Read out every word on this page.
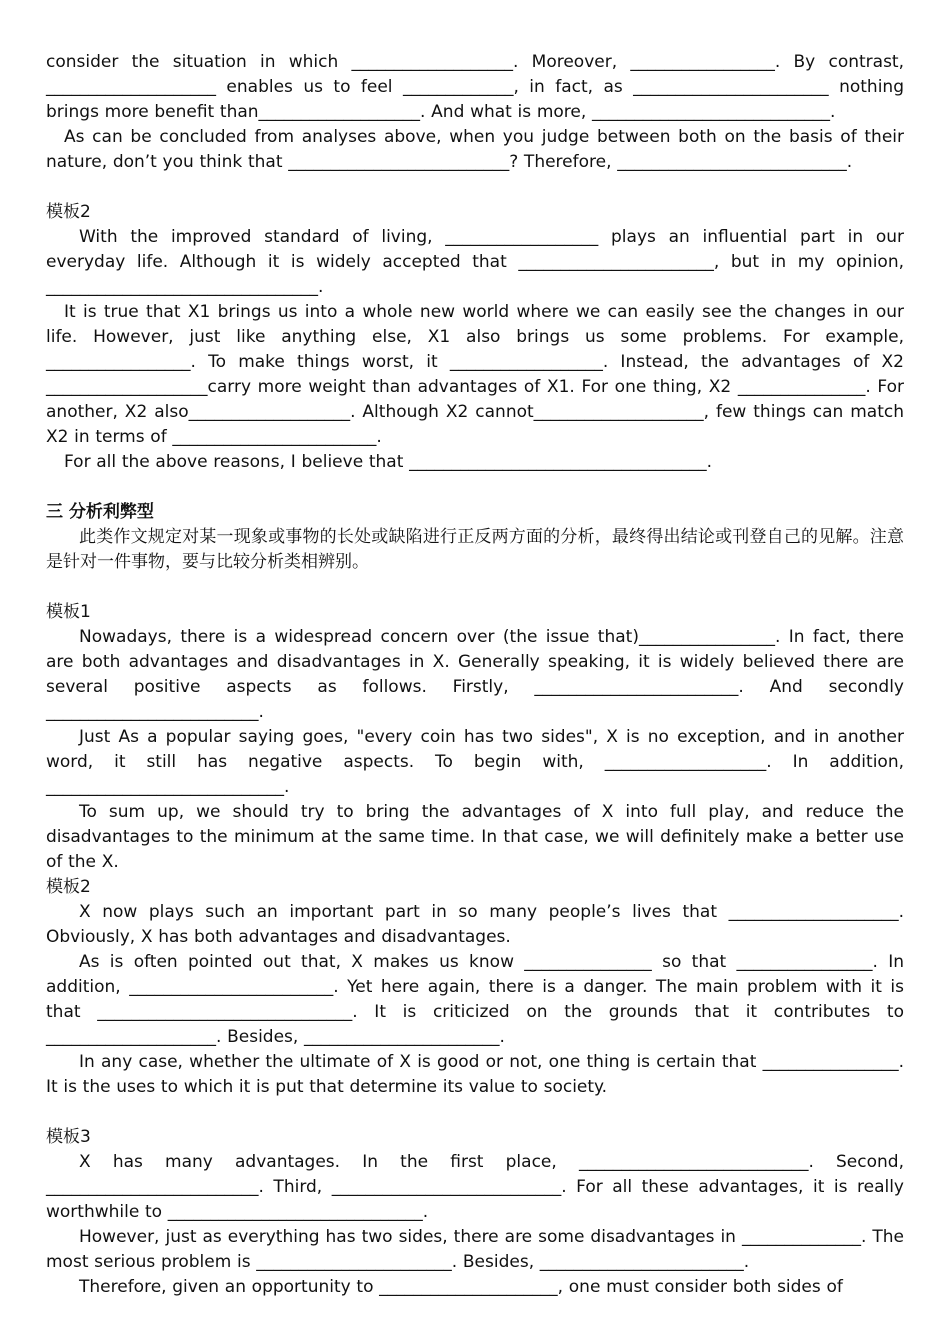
consider the situation in which ___________________. Moreover, _________________. By contrast, ____________________ enables us to feel _____________, in fact, as _______________________ nothing brings more benefit than___________________. And what is more, ____________________________.

As can be concluded from analyses above, when you judge between both on the basis of their nature, don’t you think that __________________________? Therefore, ___________________________.

模板2

With the improved standard of living, __________________ plays an influential part in our everyday life. Although it is widely accepted that _______________________, but in my opinion, ________________________________.

It is true that X1 brings us into a whole new world where we can easily see the changes in our life. However, just like anything else, X1 also brings us some problems. For example, _________________. To make things worst, it __________________. Instead, the advantages of X2 ___________________carry more weight than advantages of X1. For one thing, X2 _______________. For another, X2 also___________________. Although X2 cannot____________________, few things can match X2 in terms of ________________________.

For all the above reasons, I believe that ___________________________________.

三 分析利弊型

此类作文规定对某一现象或事物的长处或缺陷进行正反两方面的分析，最终得出结论或刊登自己的见解。注意是针对一件事物，要与比较分析类相辨别。

模板1

Nowadays, there is a widespread concern over (the issue that)________________. In fact, there are both advantages and disadvantages in X. Generally speaking, it is widely believed there are several positive aspects as follows. Firstly, ________________________. And secondly _________________________.

Just As a popular saying goes, "every coin has two sides", X is no exception, and in another word, it still has negative aspects. To begin with, ___________________. In addition, ____________________________.

To sum up, we should try to bring the advantages of X into full play, and reduce the disadvantages to the minimum at the same time. In that case, we will definitely make a better use of the X.

模板2

X now plays such an important part in so many people’s lives that ____________________. Obviously, X has both advantages and disadvantages.

As is often pointed out that, X makes us know _______________ so that ________________. In addition, ________________________. Yet here again, there is a danger. The main problem with it is that ______________________________. It is criticized on the grounds that it contributes to ____________________. Besides, _______________________.

In any case, whether the ultimate of X is good or not, one thing is certain that ________________. It is the uses to which it is put that determine its value to society.

模板3

X has many advantages. In the first place, ___________________________. Second, _________________________. Third, ___________________________. For all these advantages, it is really worthwhile to ______________________________.

However, just as everything has two sides, there are some disadvantages in ______________. The most serious problem is _______________________. Besides, ________________________.

Therefore, given an opportunity to _____________________, one must consider both sides of
